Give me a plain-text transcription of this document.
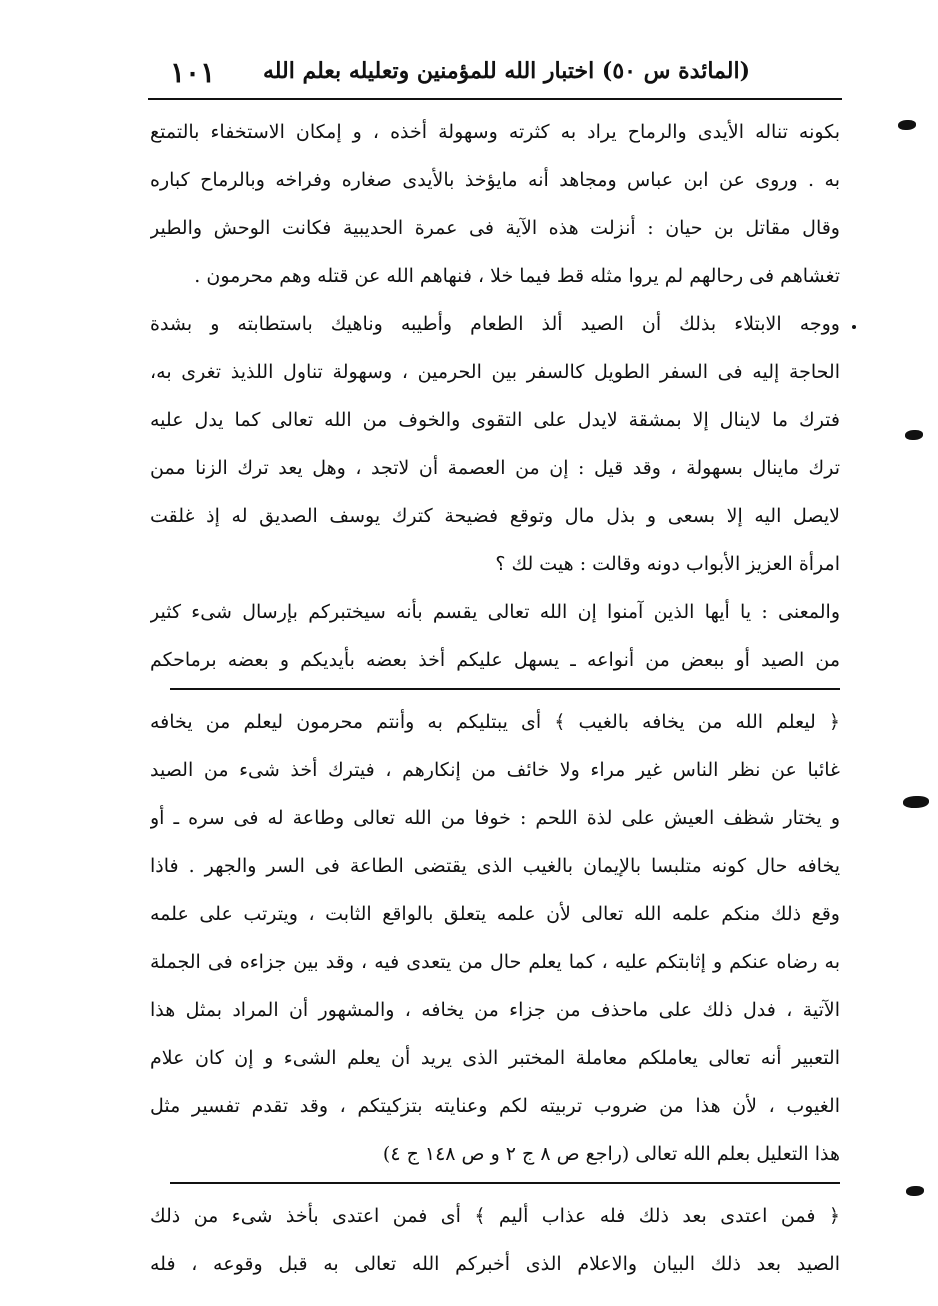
(المائدة س ٥٠) اختبار الله للمؤمنين وتعليله بعلم الله
١٠١
بكونه تناله الأيدى والرماح يراد به كثرته وسهولة أخذه ، و إمكان الاستخفاء بالتمتع
به . وروى عن ابن عباس ومجاهد أنه مايؤخذ بالأيدى صغاره وفراخه وبالرماح كباره
وقال مقاتل بن حيان : أنزلت هذه الآية فى عمرة الحديبية فكانت الوحش والطير
تغشاهم فى رحالهم لم يروا مثله قط فيما خلا ، فنهاهم الله عن قتله وهم محرمون .
ووجه الابتلاء بذلك أن الصيد ألذ الطعام وأطيبه وناهيك باستطابته و بشدة
الحاجة إليه فى السفر الطويل كالسفر بين الحرمين ، وسهولة تناول اللذيذ تغرى به،
فترك ما لاينال إلا بمشقة لايدل على التقوى والخوف من الله تعالى كما يدل عليه
ترك ماينال بسهولة ، وقد قيل : إن من العصمة أن لاتجد ، وهل يعد ترك الزنا ممن
لايصل اليه إلا بسعى و بذل مال وتوقع فضيحة كترك يوسف الصديق له إذ غلقت
امرأة العزيز الأبواب دونه وقالت : هيت لك ؟
والمعنى : يا أيها الذين آمنوا إن الله تعالى يقسم بأنه سيختبركم بإرسال شىء كثير
من الصيد أو ببعض من أنواعه ـ يسهل عليكم أخذ بعضه بأيديكم و بعضه برماحكم
﴿ ليعلم الله من يخافه بالغيب ﴾ أى يبتليكم به وأنتم محرمون ليعلم من يخافه
غائبا عن نظر الناس غير مراء ولا خائف من إنكارهم ، فيترك أخذ شىء من الصيد
و يختار شظف العيش على لذة اللحم : خوفا من الله تعالى وطاعة له فى سره ـ أو
يخافه حال كونه متلبسا بالإيمان بالغيب الذى يقتضى الطاعة فى السر والجهر . فاذا
وقع ذلك منكم علمه الله تعالى لأن علمه يتعلق بالواقع الثابت ، ويترتب على علمه
به رضاه عنكم و إثابتكم عليه ، كما يعلم حال من يتعدى فيه ، وقد بين جزاءه فى الجملة
الآتية ، فدل ذلك على ماحذف من جزاء من يخافه ، والمشهور أن المراد بمثل هذا
التعبير أنه تعالى يعاملكم معاملة المختبر الذى يريد أن يعلم الشىء و إن كان علام
الغيوب ، لأن هذا من ضروب تربيته لكم وعنايته بتزكيتكم ، وقد تقدم تفسير مثل
هذا التعليل بعلم الله تعالى (راجع ص ٨ ج ٢ و ص ١٤٨ ج ٤)
﴿ فمن اعتدى بعد ذلك فله عذاب أليم ﴾ أى فمن اعتدى بأخذ شىء من ذلك
الصيد بعد ذلك البيان والاعلام الذى أخبركم الله تعالى به قبل وقوعه ، فله
